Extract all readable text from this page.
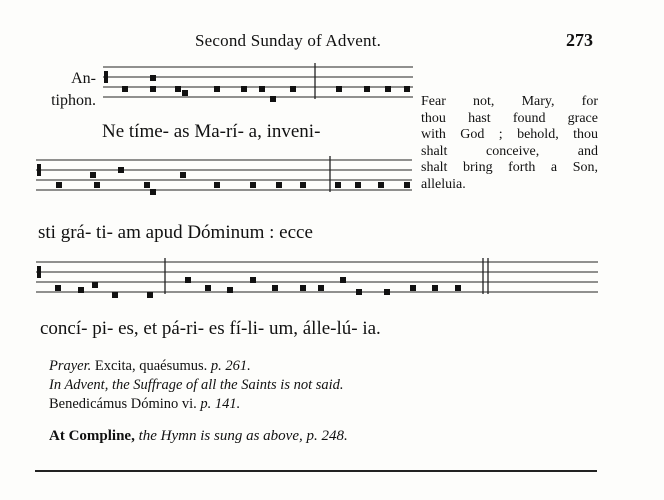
Second Sunday of Advent.	273
An-
tiphon.
Ne tíme- as Ma-rí- a, inveni-
sti grá- ti- am apud Dóminum : ecce
concí- pi- es, et pá-ri- es fí-li- um, álle-lú- ia.
Fear not, Mary, for
thou hast found grace
with God ; behold, thou
shalt conceive, and
shalt bring forth a Son,
alleluia.
Prayer. Excita, quaésumus. p. 261.
In Advent, the Suffrage of all the Saints is not said.
Benedicámus Dómino vi. p. 141.
At Compline, the Hymn is sung as above, p. 248.
